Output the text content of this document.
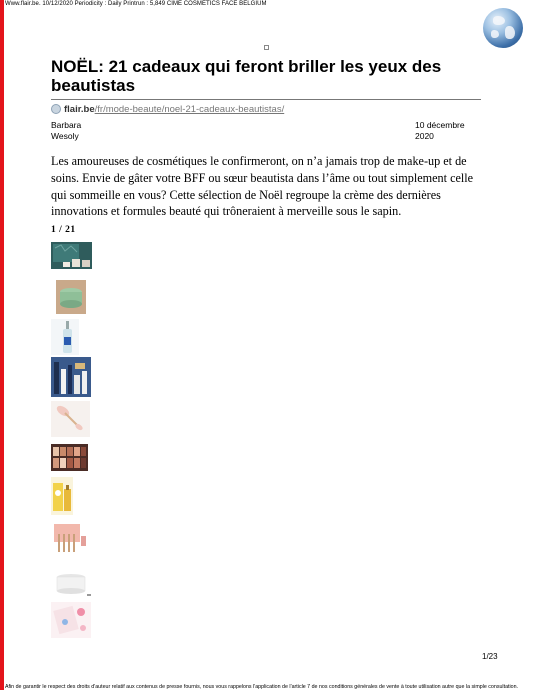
Www.flair.be. 10/12/2020 Periodicity : Daily Printrun : 5,849 CIME COSMETICS FACE BELGIUM
NOËL: 21 cadeaux qui feront briller les yeux des beautistas
flair.be /fr/mode-beaute/noel-21-cadeaux-beautistas/
Barbara
Wesoly
10 décembre
2020

Les amoureuses de cosmétiques le confirmeront, on n’a jamais trop de make-up et de soins. Envie de gâter votre BFF ou sœur beautista dans l’âme ou tout simplement celle qui sommeille en vous? Cette sélection de Noël regroupe la crème des dernières innovations et formules beauté qui trôneraient à merveille sous le sapin.

1 / 21
1/23
Afin de garantir le respect des droits d'auteur relatif aux contenus de presse fournis, nous vous rappelons l'application de l'article 7 de nos conditions générales de vente à toute utilisation autre que la simple consultation.
